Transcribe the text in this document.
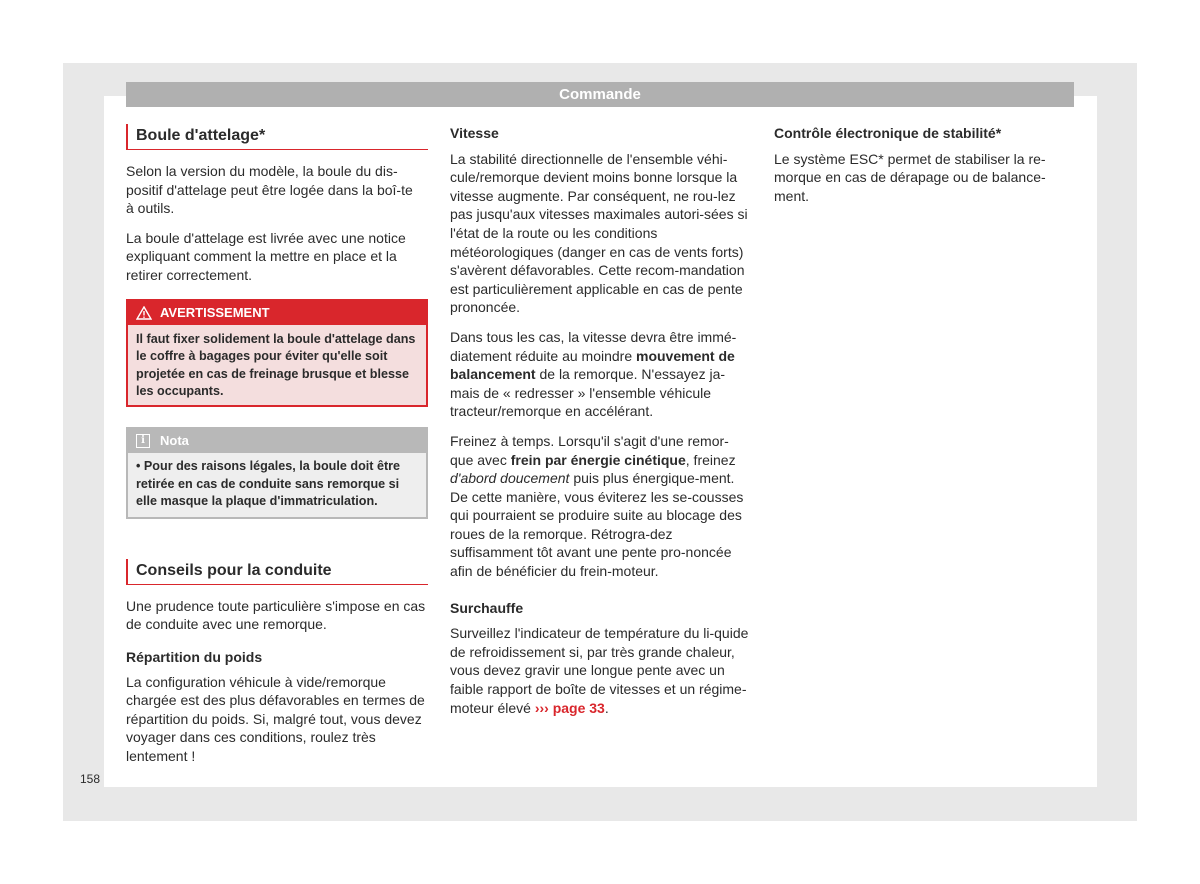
Commande
Boule d'attelage*

Selon la version du modèle, la boule du dis-positif d'attelage peut être logée dans la boî-te à outils.

La boule d'attelage est livrée avec une notice expliquant comment la mettre en place et la retirer correctement.

AVERTISSEMENT
Il faut fixer solidement la boule d'attelage dans le coffre à bagages pour éviter qu'elle soit projetée en cas de freinage brusque et blesse les occupants.
i	Nota
• Pour des raisons légales, la boule doit être retirée en cas de conduite sans remorque si elle masque la plaque d'immatriculation.
Conseils pour la conduite

Une prudence toute particulière s'impose en cas de conduite avec une remorque.

Répartition du poids

La configuration véhicule à vide/remorque chargée est des plus défavorables en termes de répartition du poids. Si, malgré tout, vous devez voyager dans ces conditions, roulez très lentement !

Vitesse

La stabilité directionnelle de l'ensemble véhi-cule/remorque devient moins bonne lorsque la vitesse augmente. Par conséquent, ne rou-lez pas jusqu'aux vitesses maximales autori-sées si l'état de la route ou les conditions météorologiques (danger en cas de vents forts) s'avèrent défavorables. Cette recom-mandation est particulièrement applicable en cas de pente prononcée.

Dans tous les cas, la vitesse devra être immé-diatement réduite au moindre mouvement de balancement de la remorque. N'essayez ja-mais de « redresser » l'ensemble véhicule tracteur/remorque en accélérant.

Freinez à temps. Lorsqu'il s'agit d'une remor-que avec frein par énergie cinétique, freinez d'abord doucement puis plus énergique-ment. De cette manière, vous éviterez les se-cousses qui pourraient se produire suite au blocage des roues de la remorque. Rétrogra-dez suffisamment tôt avant une pente pro-noncée afin de bénéficier du frein-moteur.

Surchauffe

Surveillez l'indicateur de température du li-quide de refroidissement si, par très grande chaleur, vous devez gravir une longue pente avec un faible rapport de boîte de vitesses et un régime-moteur élevé ››› page 33.

Contrôle électronique de stabilité*

Le système ESC* permet de stabiliser la re-morque en cas de dérapage ou de balance-ment.

158
